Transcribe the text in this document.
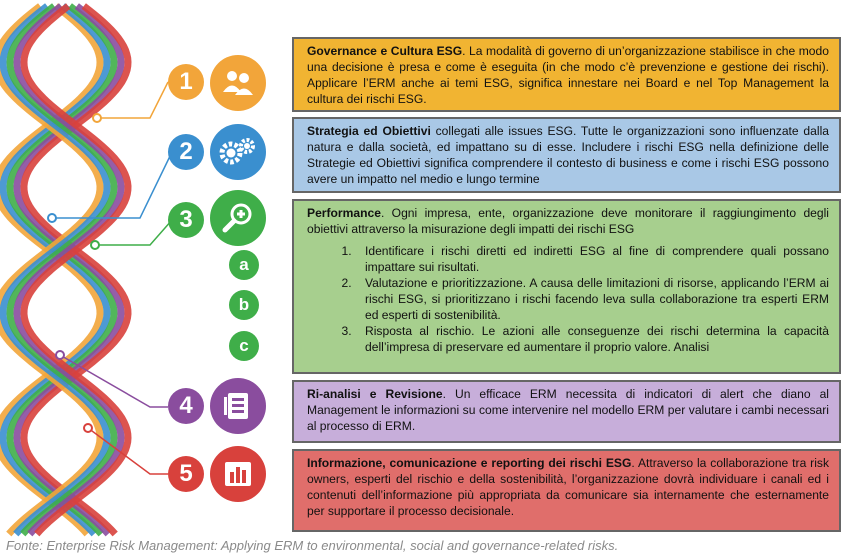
1
2
3
a
b
c
4
5
Governance e Cultura ESG. La modalità di governo di un’organizzazione stabilisce in che modo una decisione è presa e come è eseguita (in che modo c’è prevenzione e gestione dei rischi). Applicare l’ERM anche ai temi ESG, significa innestare nei Board e nel Top Management la cultura dei rischi ESG.
Strategia ed Obiettivi collegati alle issues ESG. Tutte le organizzazioni sono influenzate dalla natura e dalla società, ed impattano su di esse. Includere i rischi ESG nella definizione delle Strategie ed Obiettivi significa comprendere il contesto di business e come i rischi ESG possono avere un impatto nel medio e lungo termine
Performance. Ogni impresa, ente, organizzazione deve monitorare il raggiungimento degli obiettivi attraverso la misurazione degli impatti dei rischi ESG
1. Identificare i rischi diretti ed indiretti ESG al fine di comprendere quali possano impattare sui risultati.
2. Valutazione e prioritizzazione. A causa delle limitazioni di risorse, applicando l’ERM ai rischi ESG, si prioritizzano i rischi facendo leva sulla collaborazione tra esperti ERM ed esperti di sostenibilità.
3. Risposta al rischio. Le azioni alle conseguenze dei rischi determina la capacità dell’impresa di preservare ed aumentare il proprio valore. Analisi
Ri-analisi e Revisione. Un efficace ERM necessita di indicatori di alert che diano al Management le informazioni su come intervenire nel modello ERM per valutare i cambi necessari al processo di ERM.
Informazione, comunicazione e reporting dei rischi ESG. Attraverso la collaborazione tra risk owners, esperti del rischio e della sostenibilità, l’organizzazione dovrà individuare i canali ed i contenuti dell’informazione più appropriata da comunicare sia internamente che esternamente per supportare il processo decisionale.
Fonte: Enterprise Risk Management: Applying ERM to environmental, social and governance-related risks.
